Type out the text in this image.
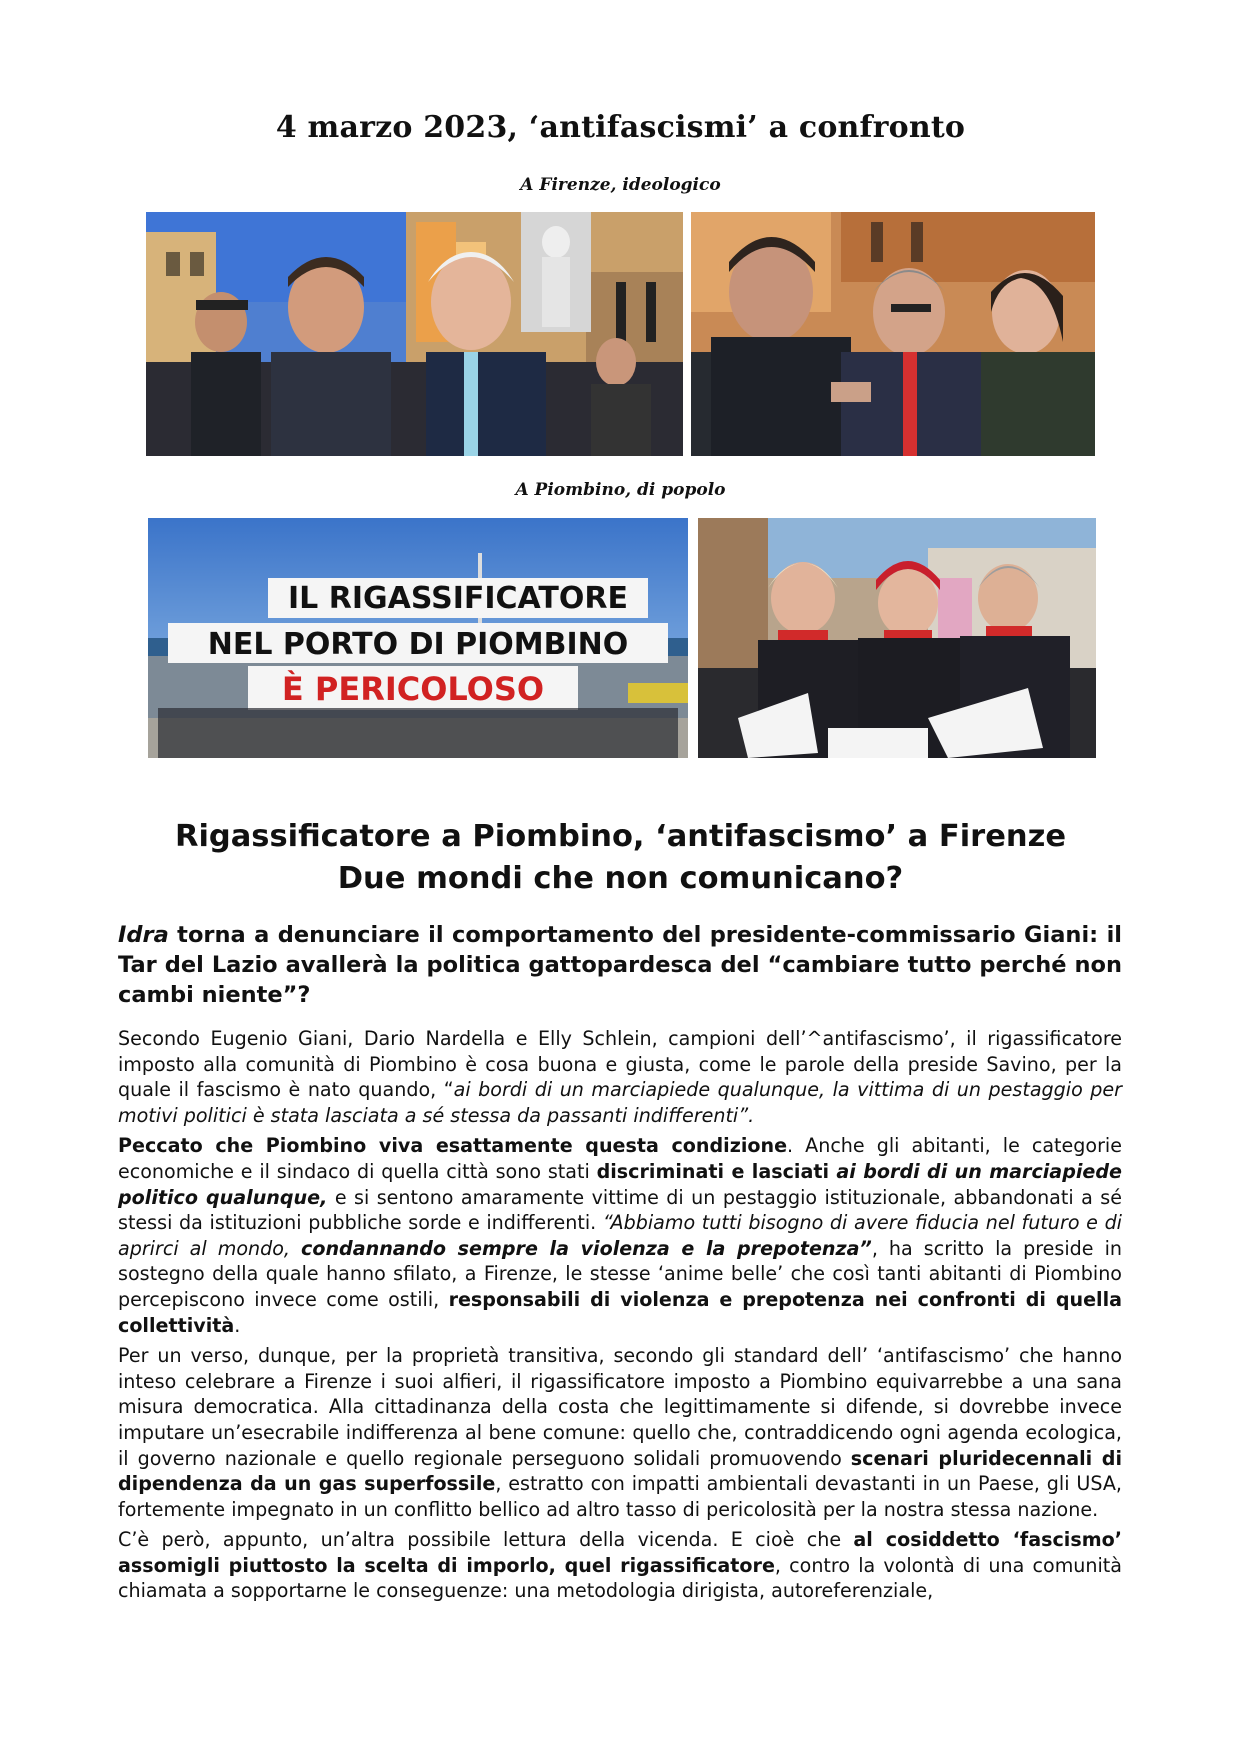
4 marzo 2023, ‘antifascismi’ a confronto
A Firenze, ideologico
A Piombino, di popolo
IL RIGASSIFICATORE
NEL PORTO DI PIOMBINO
È PERICOLOSO
Rigassificatore a Piombino, ‘antifascismo’ a Firenze
Due mondi che non comunicano?
Idra torna a denunciare il comportamento del presidente-commissario Giani: il Tar del Lazio avallerà la politica gattopardesca del “cambiare tutto perché non cambi niente”?

Secondo Eugenio Giani, Dario Nardella e Elly Schlein, campioni dell’^antifascismo’, il rigassificatore imposto alla comunità di Piombino è cosa buona e giusta, come le parole della preside Savino, per la quale il fascismo è nato quando, “ai bordi di un marciapiede qualunque, la vittima di un pestaggio per motivi politici è stata lasciata a sé stessa da passanti indifferenti”.

Peccato che Piombino viva esattamente questa condizione. Anche gli abitanti, le categorie economiche e il sindaco di quella città sono stati discriminati e lasciati ai bordi di un marciapiede politico qualunque, e si sentono amaramente vittime di un pestaggio istituzionale, abbandonati a sé stessi da istituzioni pubbliche sorde e indifferenti. “Abbiamo tutti bisogno di avere fiducia nel futuro e di aprirci al mondo, condannando sempre la violenza e la prepotenza”, ha scritto la preside in sostegno della quale hanno sfilato, a Firenze, le stesse ‘anime belle’ che così tanti abitanti di Piombino percepiscono invece come ostili, responsabili di violenza e prepotenza nei confronti di quella collettività.

Per un verso, dunque, per la proprietà transitiva, secondo gli standard dell’ ‘antifascismo’ che hanno inteso celebrare a Firenze i suoi alfieri, il rigassificatore imposto a Piombino equivarrebbe a una sana misura democratica. Alla cittadinanza della costa che legittimamente si difende, si dovrebbe invece imputare un’esecrabile indifferenza al bene comune: quello che, contraddicendo ogni agenda ecologica, il governo nazionale e quello regionale perseguono solidali promuovendo scenari pluridecennali di dipendenza da un gas superfossile, estratto con impatti ambientali devastanti in un Paese, gli USA, fortemente impegnato in un conflitto bellico ad altro tasso di pericolosità per la nostra stessa nazione.

C’è però, appunto, un’altra possibile lettura della vicenda. E cioè che al cosiddetto ‘fascismo’ assomigli piuttosto la scelta di imporlo, quel rigassificatore, contro la volontà di una comunità chiamata a sopportarne le conseguenze: una metodologia dirigista, autoreferenziale,
